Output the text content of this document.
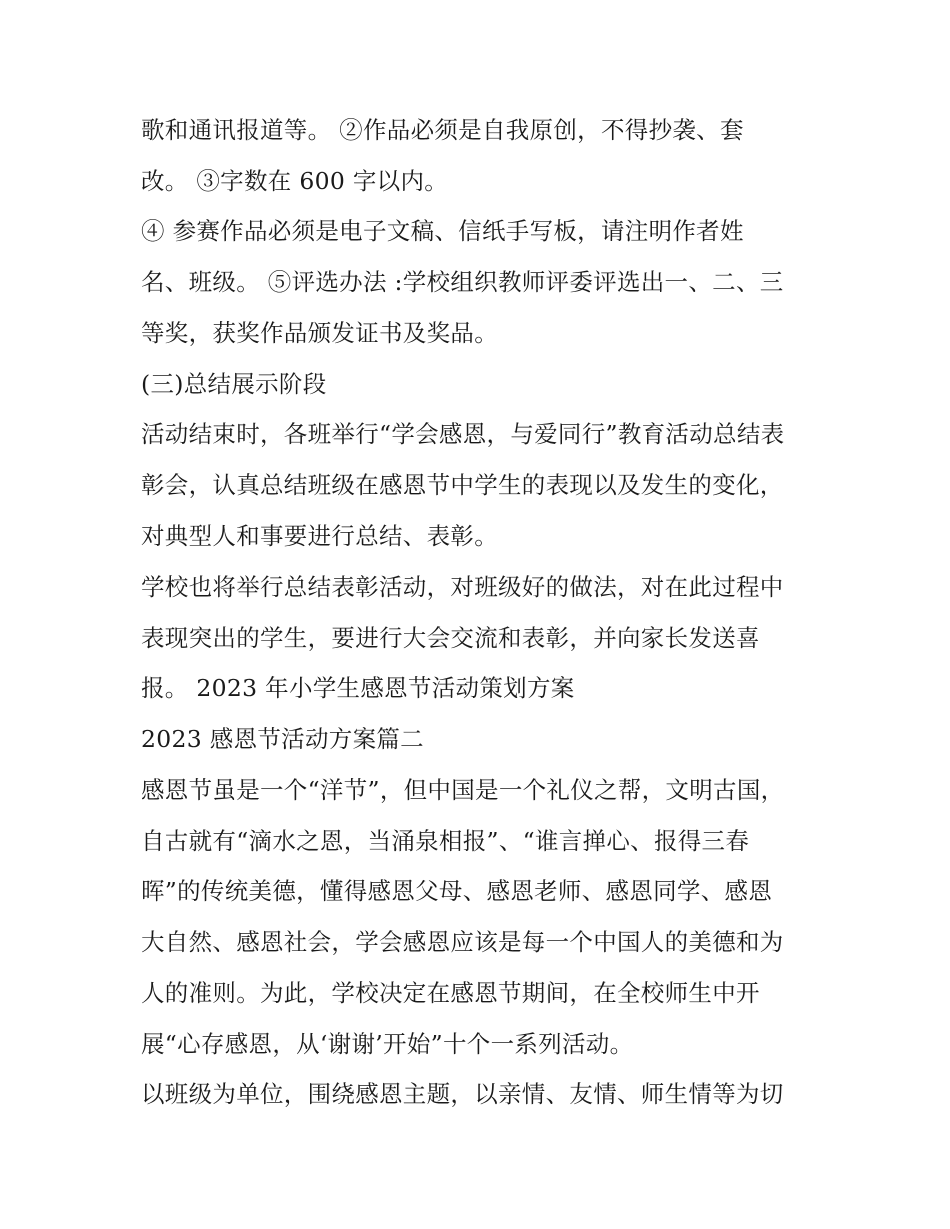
歌和通讯报道等。 ②作品必须是自我原创，不得抄袭、套
改。 ③字数在 600 字以内。
④ 参赛作品必须是电子文稿、信纸手写板，请注明作者姓
名、班级。 ⑤评选办法 :学校组织教师评委评选出一、二、三
等奖，获奖作品颁发证书及奖品。
(三)总结展示阶段
活动结束时，各班举行“学会感恩，与爱同行”教育活动总结表
彰会，认真总结班级在感恩节中学生的表现以及发生的变化，
对典型人和事要进行总结、表彰。
学校也将举行总结表彰活动，对班级好的做法，对在此过程中
表现突出的学生，要进行大会交流和表彰，并向家长发送喜
报。 2023 年小学生感恩节活动策划方案
2023 感恩节活动方案篇二
感恩节虽是一个“洋节”，但中国是一个礼仪之帮，文明古国，
自古就有“滴水之恩，当涌泉相报”、“谁言掸心、报得三春
晖”的传统美德，懂得感恩父母、感恩老师、感恩同学、感恩
大自然、感恩社会，学会感恩应该是每一个中国人的美德和为
人的准则。为此，学校决定在感恩节期间，在全校师生中开
展“心存感恩，从‘谢谢’开始”十个一系列活动。
以班级为单位，围绕感恩主题，以亲情、友情、师生情等为切
